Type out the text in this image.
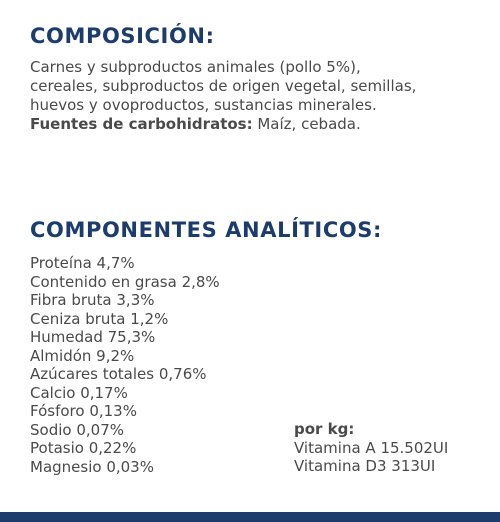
COMPOSICIÓN:

Carnes y subproductos animales (pollo 5%),
cereales, subproductos de origen vegetal, semillas,
huevos y ovoproductos, sustancias minerales.
Fuentes de carbohidratos: Maíz, cebada.

COMPONENTES ANALÍTICOS:
Proteína 4,7%
Contenido en grasa 2,8%
Fibra bruta 3,3%
Ceniza bruta 1,2%
Humedad 75,3%
Almidón 9,2%
Azúcares totales 0,76%
Calcio 0,17%
Fósforo 0,13%
Sodio 0,07%
Potasio 0,22%
Magnesio 0,03%
por kg:
Vitamina A 15.502UI
Vitamina D3 313UI
